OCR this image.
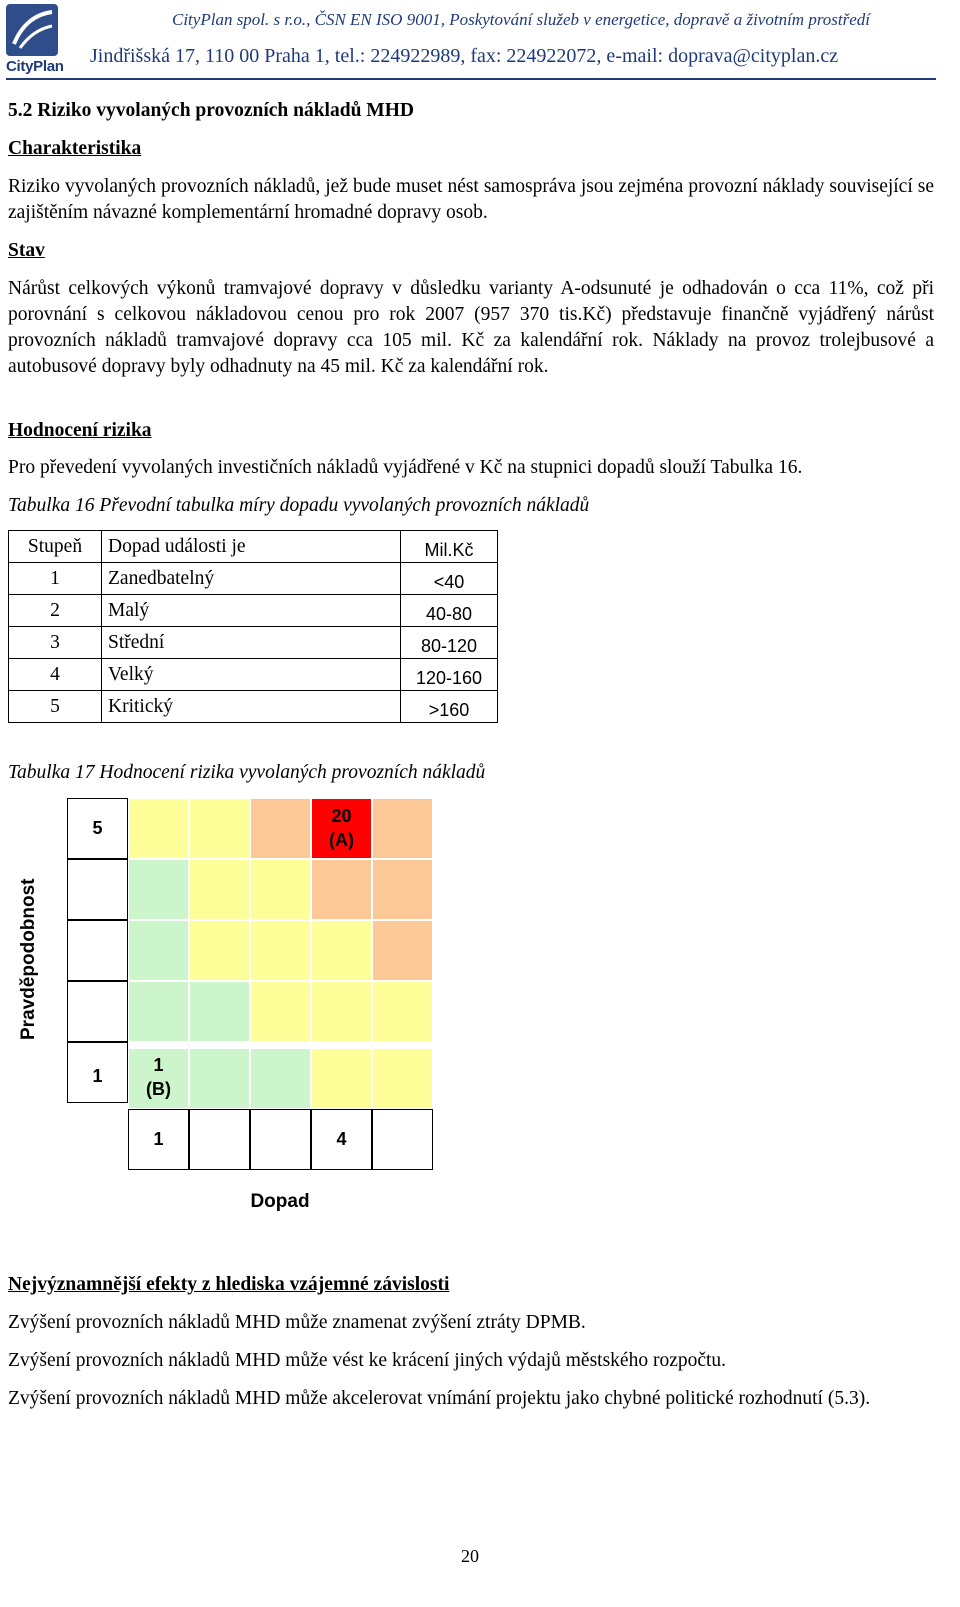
CityPlan
CityPlan spol. s r.o., ČSN EN ISO 9001, Poskytování služeb v energetice, dopravě a životním prostředí
Jindřišská 17, 110 00 Praha 1, tel.: 224922989, fax: 224922072, e-mail: doprava@cityplan.cz
5.2 Riziko vyvolaných provozních nákladů MHD
Charakteristika
Riziko vyvolaných provozních nákladů, jež bude muset nést samospráva jsou zejména provozní náklady související se zajištěním návazné komplementární hromadné dopravy osob.
Stav
Nárůst celkových výkonů tramvajové dopravy v důsledku varianty A-odsunuté je odhadován o cca 11%, což při porovnání s celkovou nákladovou cenou pro rok 2007 (957 370 tis.Kč) představuje finančně vyjádřený nárůst provozních nákladů tramvajové dopravy cca 105 mil. Kč za kalendářní rok. Náklady na provoz trolejbusové a autobusové dopravy byly odhadnuty na 45 mil. Kč za kalendářní rok.
Hodnocení rizika
Pro převedení vyvolaných investičních nákladů vyjádřené v Kč na stupnici dopadů slouží Tabulka 16.
Tabulka 16 Převodní tabulka míry dopadu vyvolaných provozních nákladů
Stupeň	Dopad události je	Mil.Kč
1	Zanedbatelný	<40
2	Malý	40-80
3	Střední	80-120
4	Velký	120-160
5	Kritický	>160
Tabulka 17 Hodnocení rizika vyvolaných provozních nákladů
5
1
1	4
20
(A)
1
(B)
Pravděpodobnost
Dopad
Nejvýznamnější efekty z hlediska vzájemné závislosti
Zvýšení provozních nákladů MHD může znamenat zvýšení ztráty DPMB.
Zvýšení provozních nákladů MHD může vést ke krácení jiných výdajů městského rozpočtu.
Zvýšení provozních nákladů MHD může akcelerovat vnímání projektu jako chybné politické rozhodnutí (5.3).
20
